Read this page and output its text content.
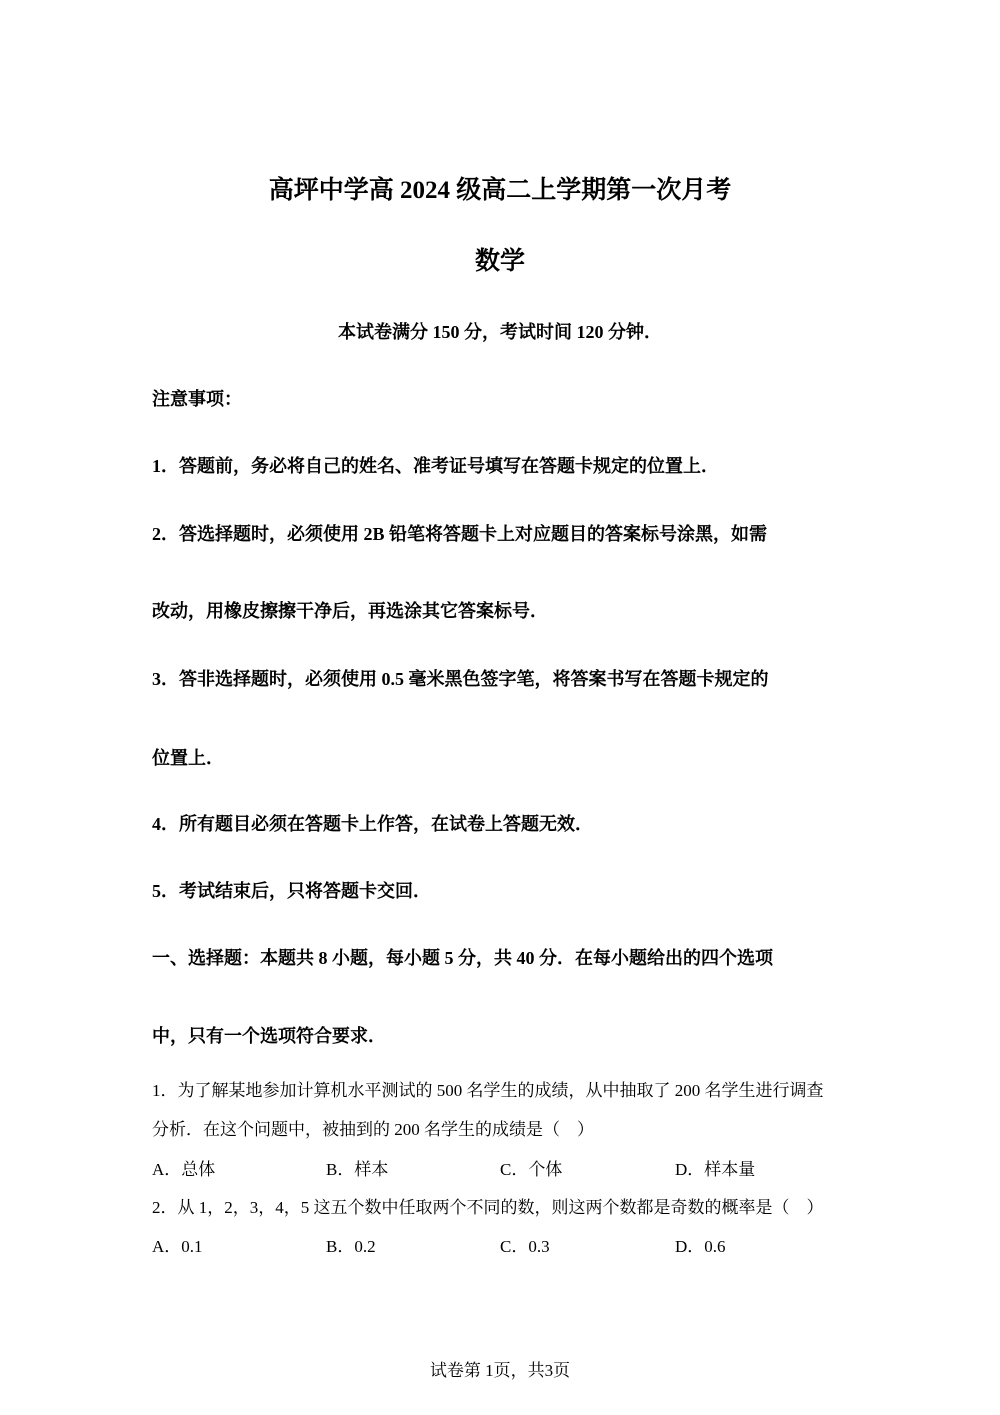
高坪中学高 2024 级高二上学期第一次月考
数学
本试卷满分 150 分，考试时间 120 分钟．
注意事项：
1．答题前，务必将自己的姓名、准考证号填写在答题卡规定的位置上．
2．答选择题时，必须使用 2B 铅笔将答题卡上对应题目的答案标号涂黑，如需
改动，用橡皮擦擦干净后，再选涂其它答案标号．
3．答非选择题时，必须使用 0.5 毫米黑色签字笔，将答案书写在答题卡规定的
位置上．
4．所有题目必须在答题卡上作答，在试卷上答题无效．
5．考试结束后，只将答题卡交回．
一、选择题：本题共 8 小题，每小题 5 分，共 40 分．在每小题给出的四个选项
中，只有一个选项符合要求．
1．为了解某地参加计算机水平测试的 500 名学生的成绩，从中抽取了 200 名学生进行调查
分析．在这个问题中，被抽到的 200 名学生的成绩是（　）
A．总体	B．样本	C．个体	D．样本量
2．从 1，2，3，4，5 这五个数中任取两个不同的数，则这两个数都是奇数的概率是（　）
A．0.1	B．0.2	C．0.3	D．0.6
试卷第 1页，共3页
